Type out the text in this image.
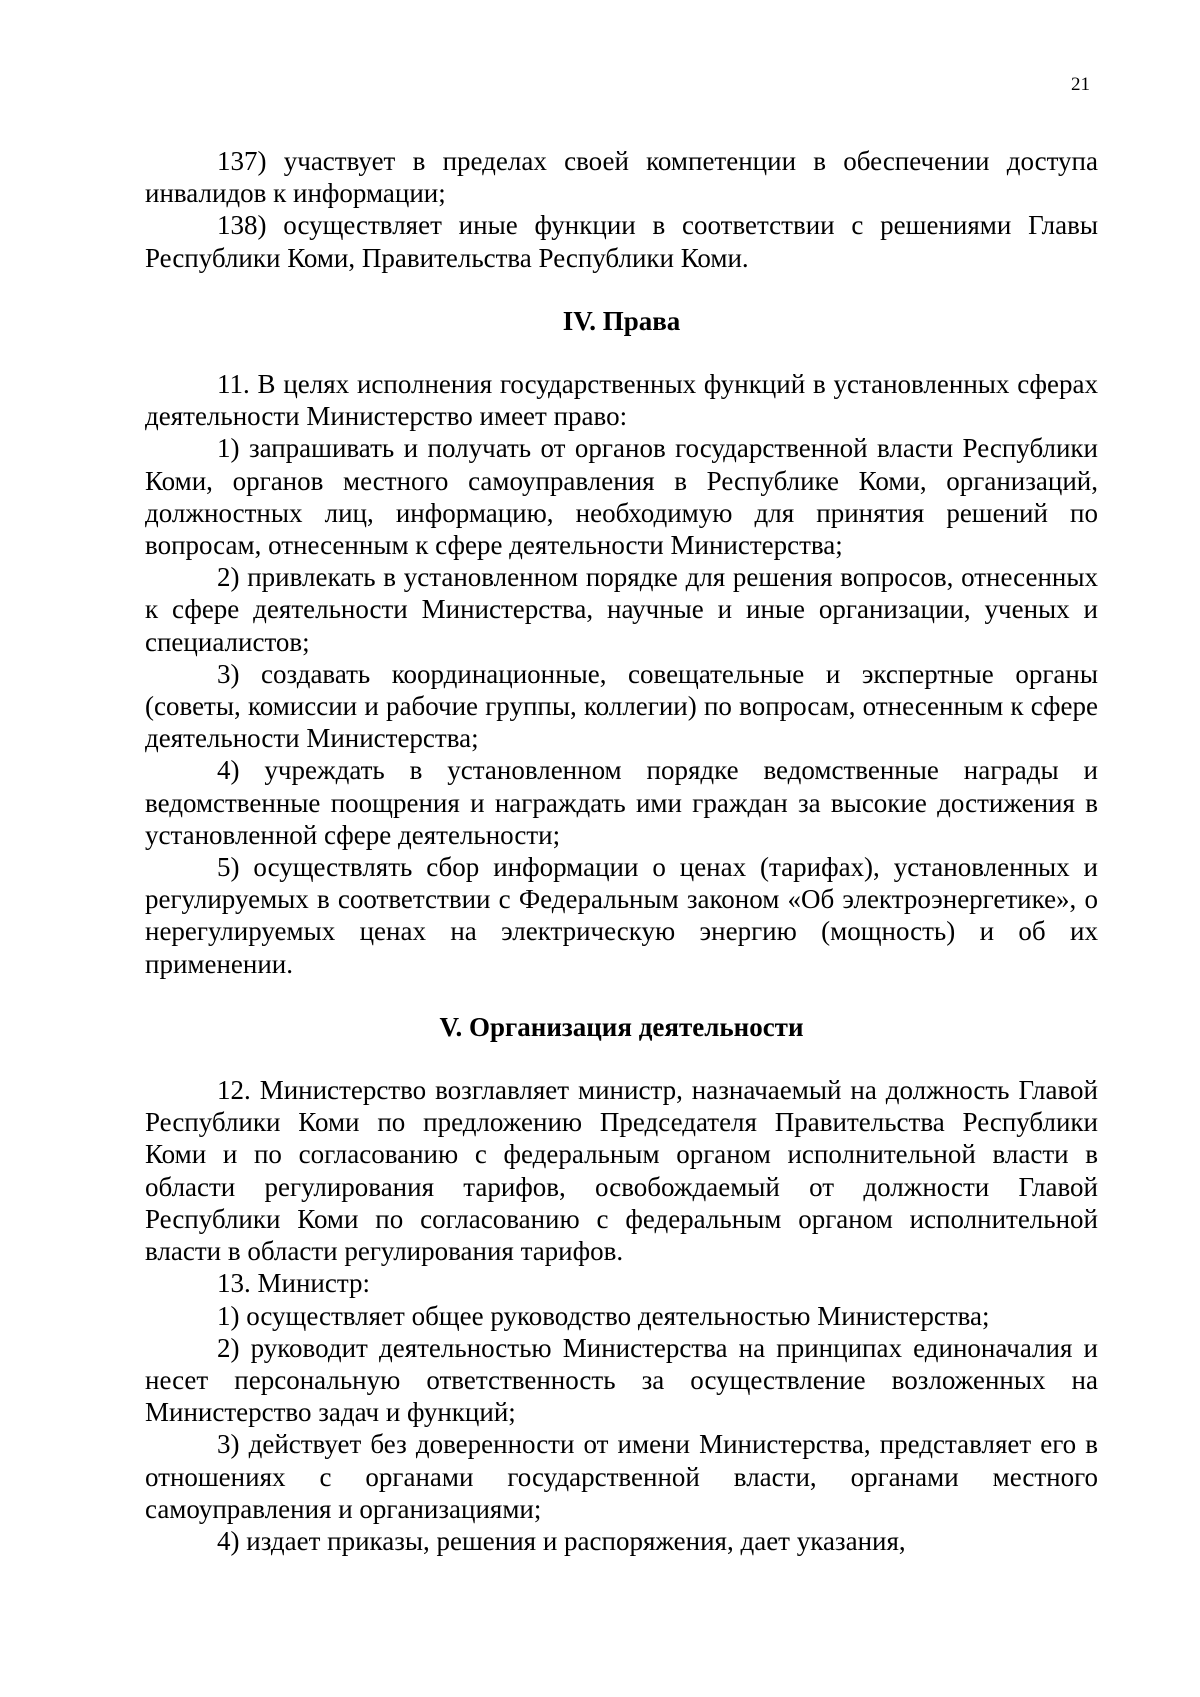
21

137) участвует в пределах своей компетенции в обеспечении доступа инвалидов к информации;

138) осуществляет иные функции в соответствии с решениями Главы Республики Коми, Правительства Республики Коми.

IV. Права

11. В целях исполнения государственных функций в установленных сферах деятельности Министерство имеет право:

1) запрашивать и получать от органов государственной власти Республики Коми, органов местного самоуправления в Республике Коми, организаций, должностных лиц, информацию, необходимую для принятия решений по вопросам, отнесенным к сфере деятельности Министерства;

2) привлекать в установленном порядке для решения вопросов, отнесенных к сфере деятельности Министерства, научные и иные организации, ученых и специалистов;

3) создавать координационные, совещательные и экспертные органы (советы, комиссии и рабочие группы, коллегии) по вопросам, отнесенным к сфере деятельности Министерства;

4) учреждать в установленном порядке ведомственные награды и ведомственные поощрения и награждать ими граждан за высокие достижения в установленной сфере деятельности;

5) осуществлять сбор информации о ценах (тарифах), установленных и регулируемых в соответствии с Федеральным законом «Об электроэнергетике», о нерегулируемых ценах на электрическую энергию (мощность) и об их применении.

V. Организация деятельности

12. Министерство возглавляет министр, назначаемый на должность Главой Республики Коми по предложению Председателя Правительства Республики Коми и по согласованию с федеральным органом исполнительной власти в области регулирования тарифов, освобождаемый от должности Главой Республики Коми по согласованию с федеральным органом исполнительной власти в области регулирования тарифов.

13. Министр:

1) осуществляет общее руководство деятельностью Министерства;

2) руководит деятельностью Министерства на принципах единоначалия и несет персональную ответственность за осуществление возложенных на Министерство задач и функций;

3) действует без доверенности от имени Министерства, представляет его в отношениях с органами государственной власти, органами местного самоуправления и организациями;

4) издает приказы, решения и распоряжения, дает указания,
